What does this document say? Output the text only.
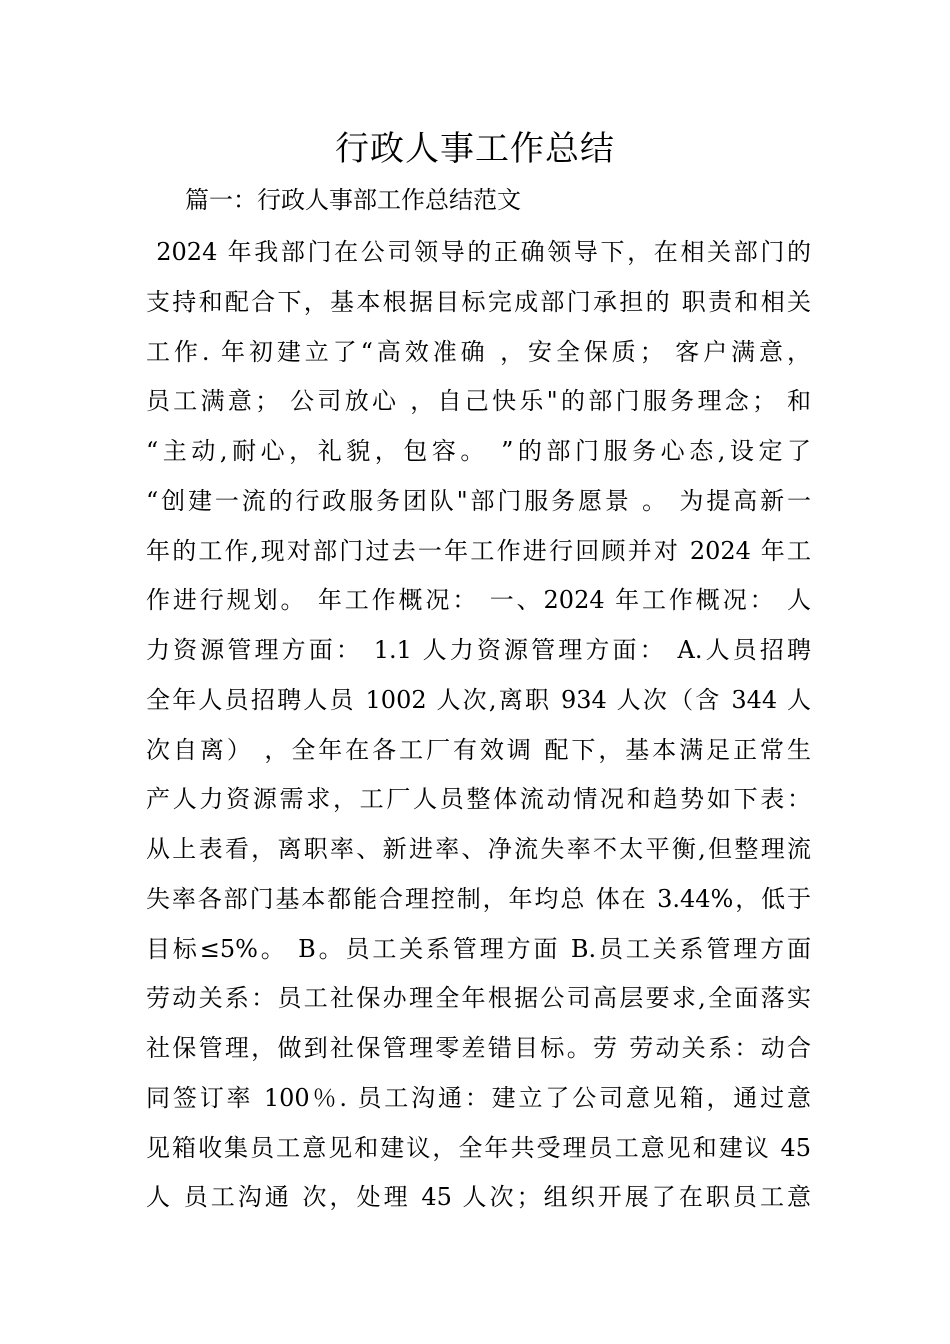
行政人事工作总结
篇一：行政人事部工作总结范文
2024 年我部门在公司领导的正确领导下，在相关部门的
支持和配合下，基本根据目标完成部门承担的 职责和相关
工作. 年初建立了“高效准确 ，安全保质； 客户满意，
员工满意； 公司放心 ，自己快乐"的部门服务理念； 和
“主动,耐心，礼貌，包容。 ”的部门服务心态,设定了
“创建一流的行政服务团队"部门服务愿景 。 为提高新一
年的工作,现对部门过去一年工作进行回顾并对 2024 年工
作进行规划。 年工作概况： 一、2024 年工作概况： 人
力资源管理方面： 1.1 人力资源管理方面： A.人员招聘
全年人员招聘人员 1002 人次,离职 934 人次（含 344 人
次自离） ，全年在各工厂有效调 配下，基本满足正常生
产人力资源需求，工厂人员整体流动情况和趋势如下表：
从上表看，离职率、新进率、净流失率不太平衡,但整理流
失率各部门基本都能合理控制，年均总 体在 3.44%，低于
目标≤5%。 B。员工关系管理方面 B.员工关系管理方面
劳动关系：员工社保办理全年根据公司高层要求,全面落实
社保管理，做到社保管理零差错目标。劳 劳动关系：动合
同签订率 100％. 员工沟通：建立了公司意见箱，通过意
见箱收集员工意见和建议，全年共受理员工意见和建议 45
人 员工沟通 次，处理 45 人次；组织开展了在职员工意
